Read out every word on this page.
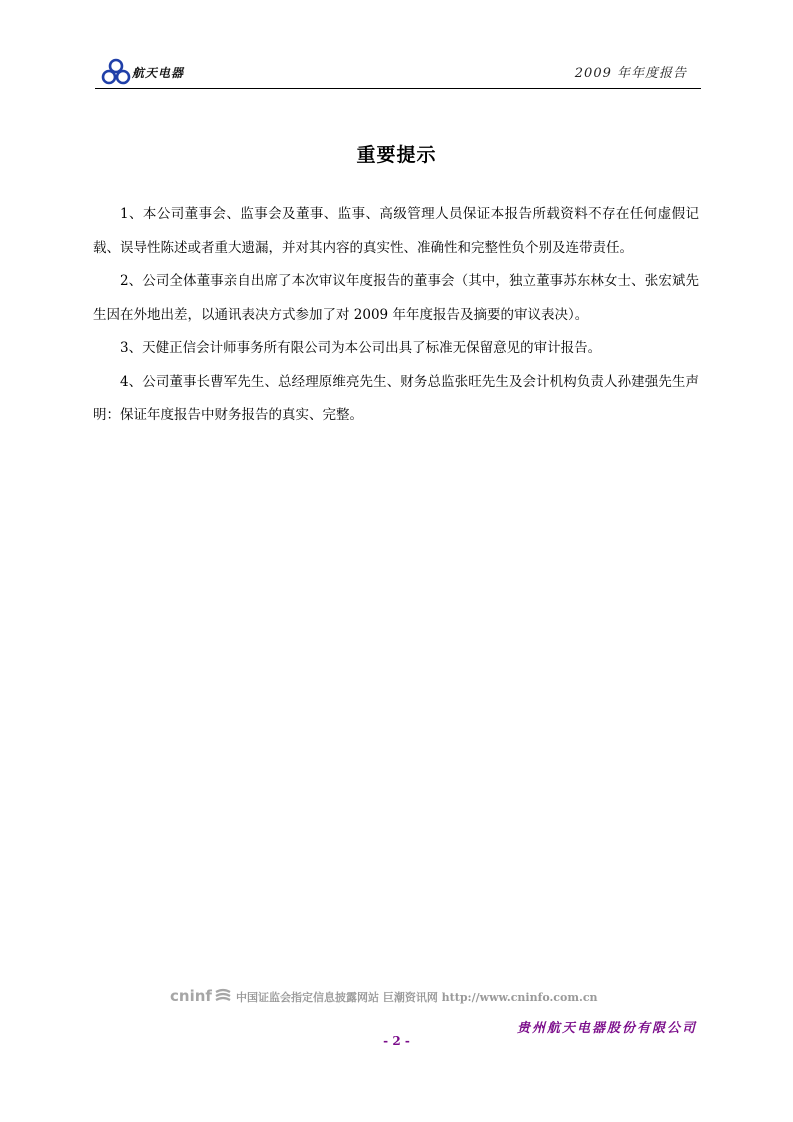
航天电器	2009 年年度报告
重要提示

1、本公司董事会、监事会及董事、监事、高级管理人员保证本报告所载资料不存在任何虚假记载、误导性陈述或者重大遗漏，并对其内容的真实性、准确性和完整性负个别及连带责任。

2、公司全体董事亲自出席了本次审议年度报告的董事会（其中，独立董事苏东林女士、张宏斌先生因在外地出差，以通讯表决方式参加了对 2009 年年度报告及摘要的审议表决）。

3、天健正信会计师事务所有限公司为本公司出具了标准无保留意见的审计报告。

4、公司董事长曹军先生、总经理原维亮先生、财务总监张旺先生及会计机构负责人孙建强先生声明：保证年度报告中财务报告的真实、完整。

cninf 中国证监会指定信息披露网站 巨潮资讯网 http://www.cninfo.com.cn
贵州航天电器股份有限公司
- 2 -
